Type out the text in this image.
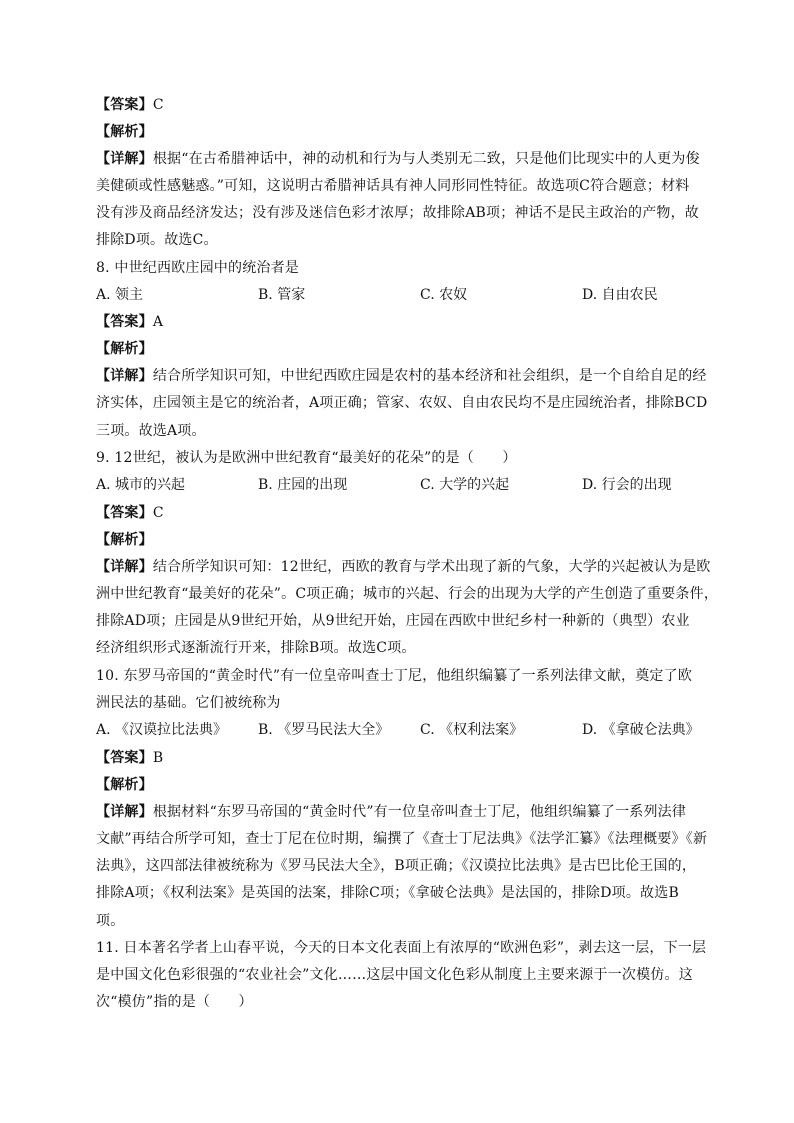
【答案】C
【解析】
【详解】根据“在古希腊神话中，神的动机和行为与人类别无二致，只是他们比现实中的人更为俊
美健硕或性感魅惑。”可知，这说明古希腊神话具有神人同形同性特征。故选项C符合题意；材料
没有涉及商品经济发达；没有涉及迷信色彩才浓厚；故排除AB项；神话不是民主政治的产物，故
排除D项。故选C。
8. 中世纪西欧庄园中的统治者是
A. 领主	B. 管家	C. 农奴	D. 自由农民
【答案】A
【解析】
【详解】结合所学知识可知，中世纪西欧庄园是农村的基本经济和社会组织，是一个自给自足的经
济实体，庄园领主是它的统治者，A项正确；管家、农奴、自由农民均不是庄园统治者，排除BCD
三项。故选A项。
9. 12世纪，被认为是欧洲中世纪教育“最美好的花朵”的是（　　）
A. 城市的兴起	B. 庄园的出现	C. 大学的兴起	D. 行会的出现
【答案】C
【解析】
【详解】结合所学知识可知：12世纪，西欧的教育与学术出现了新的气象，大学的兴起被认为是欧
洲中世纪教育“最美好的花朵”。C项正确；城市的兴起、行会的出现为大学的产生创造了重要条件，
排除AD项；庄园是从9世纪开始，从9世纪开始，庄园在西欧中世纪乡村一种新的（典型）农业
经济组织形式逐渐流行开来，排除B项。故选C项。
10. 东罗马帝国的“黄金时代”有一位皇帝叫查士丁尼，他组织编纂了一系列法律文献，奠定了欧
洲民法的基础。它们被统称为
A. 《汉谟拉比法典》 B. 《罗马民法大全》 C. 《权利法案》	D. 《拿破仑法典》
【答案】B
【解析】
【详解】根据材料“东罗马帝国的“黄金时代”有一位皇帝叫查士丁尼，他组织编纂了一系列法律
文献”再结合所学可知，查士丁尼在位时期，编撰了《查士丁尼法典》《法学汇纂》《法理概要》《新
法典》，这四部法律被统称为《罗马民法大全》，B项正确；《汉谟拉比法典》是古巴比伦王国的，
排除A项；《权利法案》是英国的法案，排除C项；《拿破仑法典》是法国的，排除D项。故选B
项。
11. 日本著名学者上山春平说，今天的日本文化表面上有浓厚的“欧洲色彩”，剥去这一层，下一层
是中国文化色彩很强的“农业社会”文化……这层中国文化色彩从制度上主要来源于一次模仿。这
次“模仿”指的是（　　）
